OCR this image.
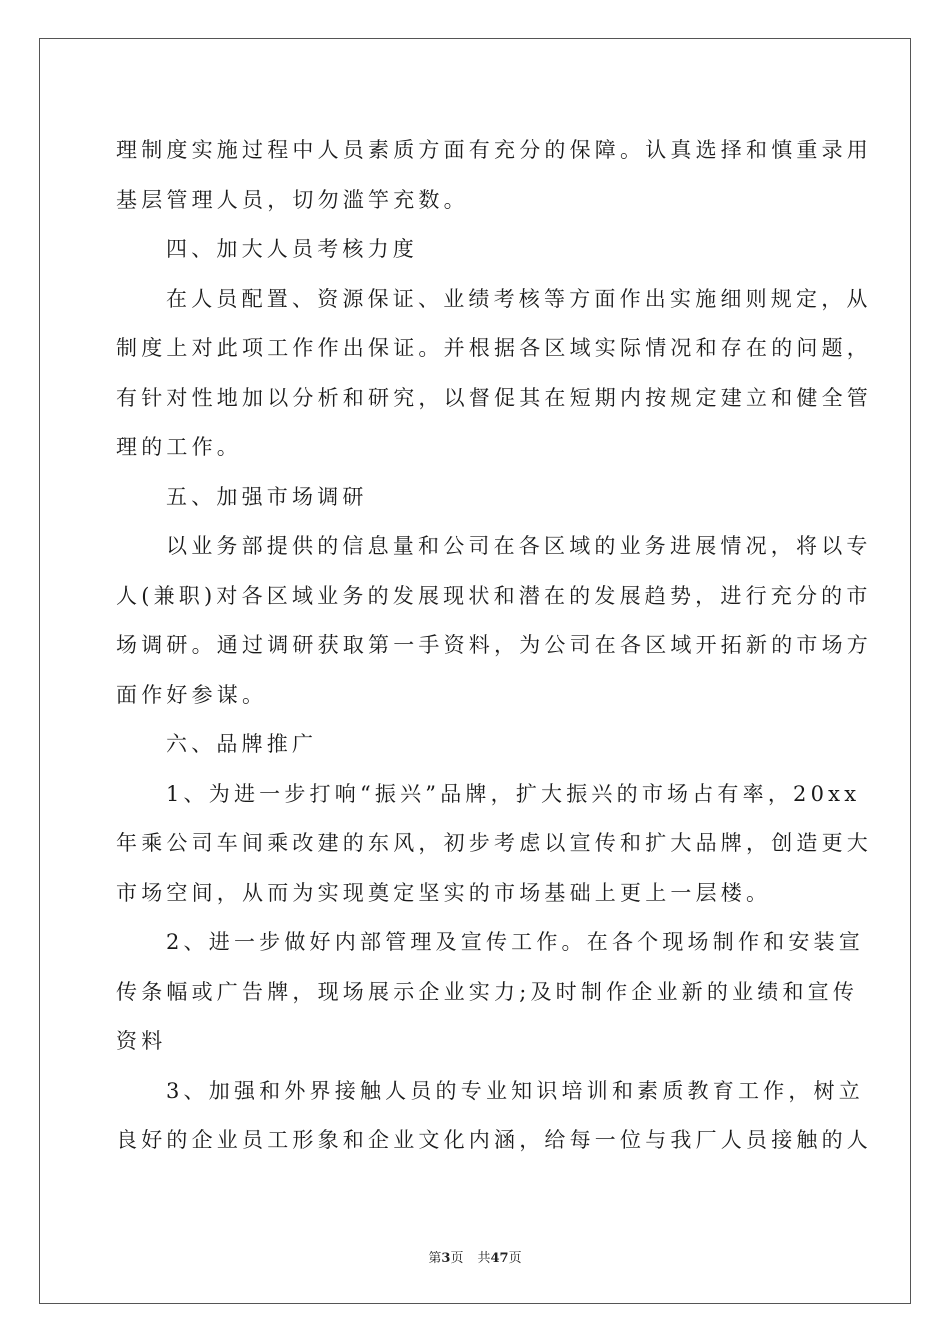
理制度实施过程中人员素质方面有充分的保障。认真选择和慎重录用
基层管理人员，切勿滥竽充数。
四、加大人员考核力度
在人员配置、资源保证、业绩考核等方面作出实施细则规定，从
制度上对此项工作作出保证。并根据各区域实际情况和存在的问题，
有针对性地加以分析和研究，以督促其在短期内按规定建立和健全管
理的工作。
五、加强市场调研
以业务部提供的信息量和公司在各区域的业务进展情况，将以专
人(兼职)对各区域业务的发展现状和潜在的发展趋势，进行充分的市
场调研。通过调研获取第一手资料，为公司在各区域开拓新的市场方
面作好参谋。
六、品牌推广
1、为进一步打响“振兴”品牌，扩大振兴的市场占有率，20xx
年乘公司车间乘改建的东风，初步考虑以宣传和扩大品牌，创造更大
市场空间，从而为实现奠定坚实的市场基础上更上一层楼。
2、进一步做好内部管理及宣传工作。在各个现场制作和安装宣
传条幅或广告牌，现场展示企业实力;及时制作企业新的业绩和宣传
资料
3、加强和外界接触人员的专业知识培训和素质教育工作，树立
良好的企业员工形象和企业文化内涵，给每一位与我厂人员接触的人
第3页 共47页
